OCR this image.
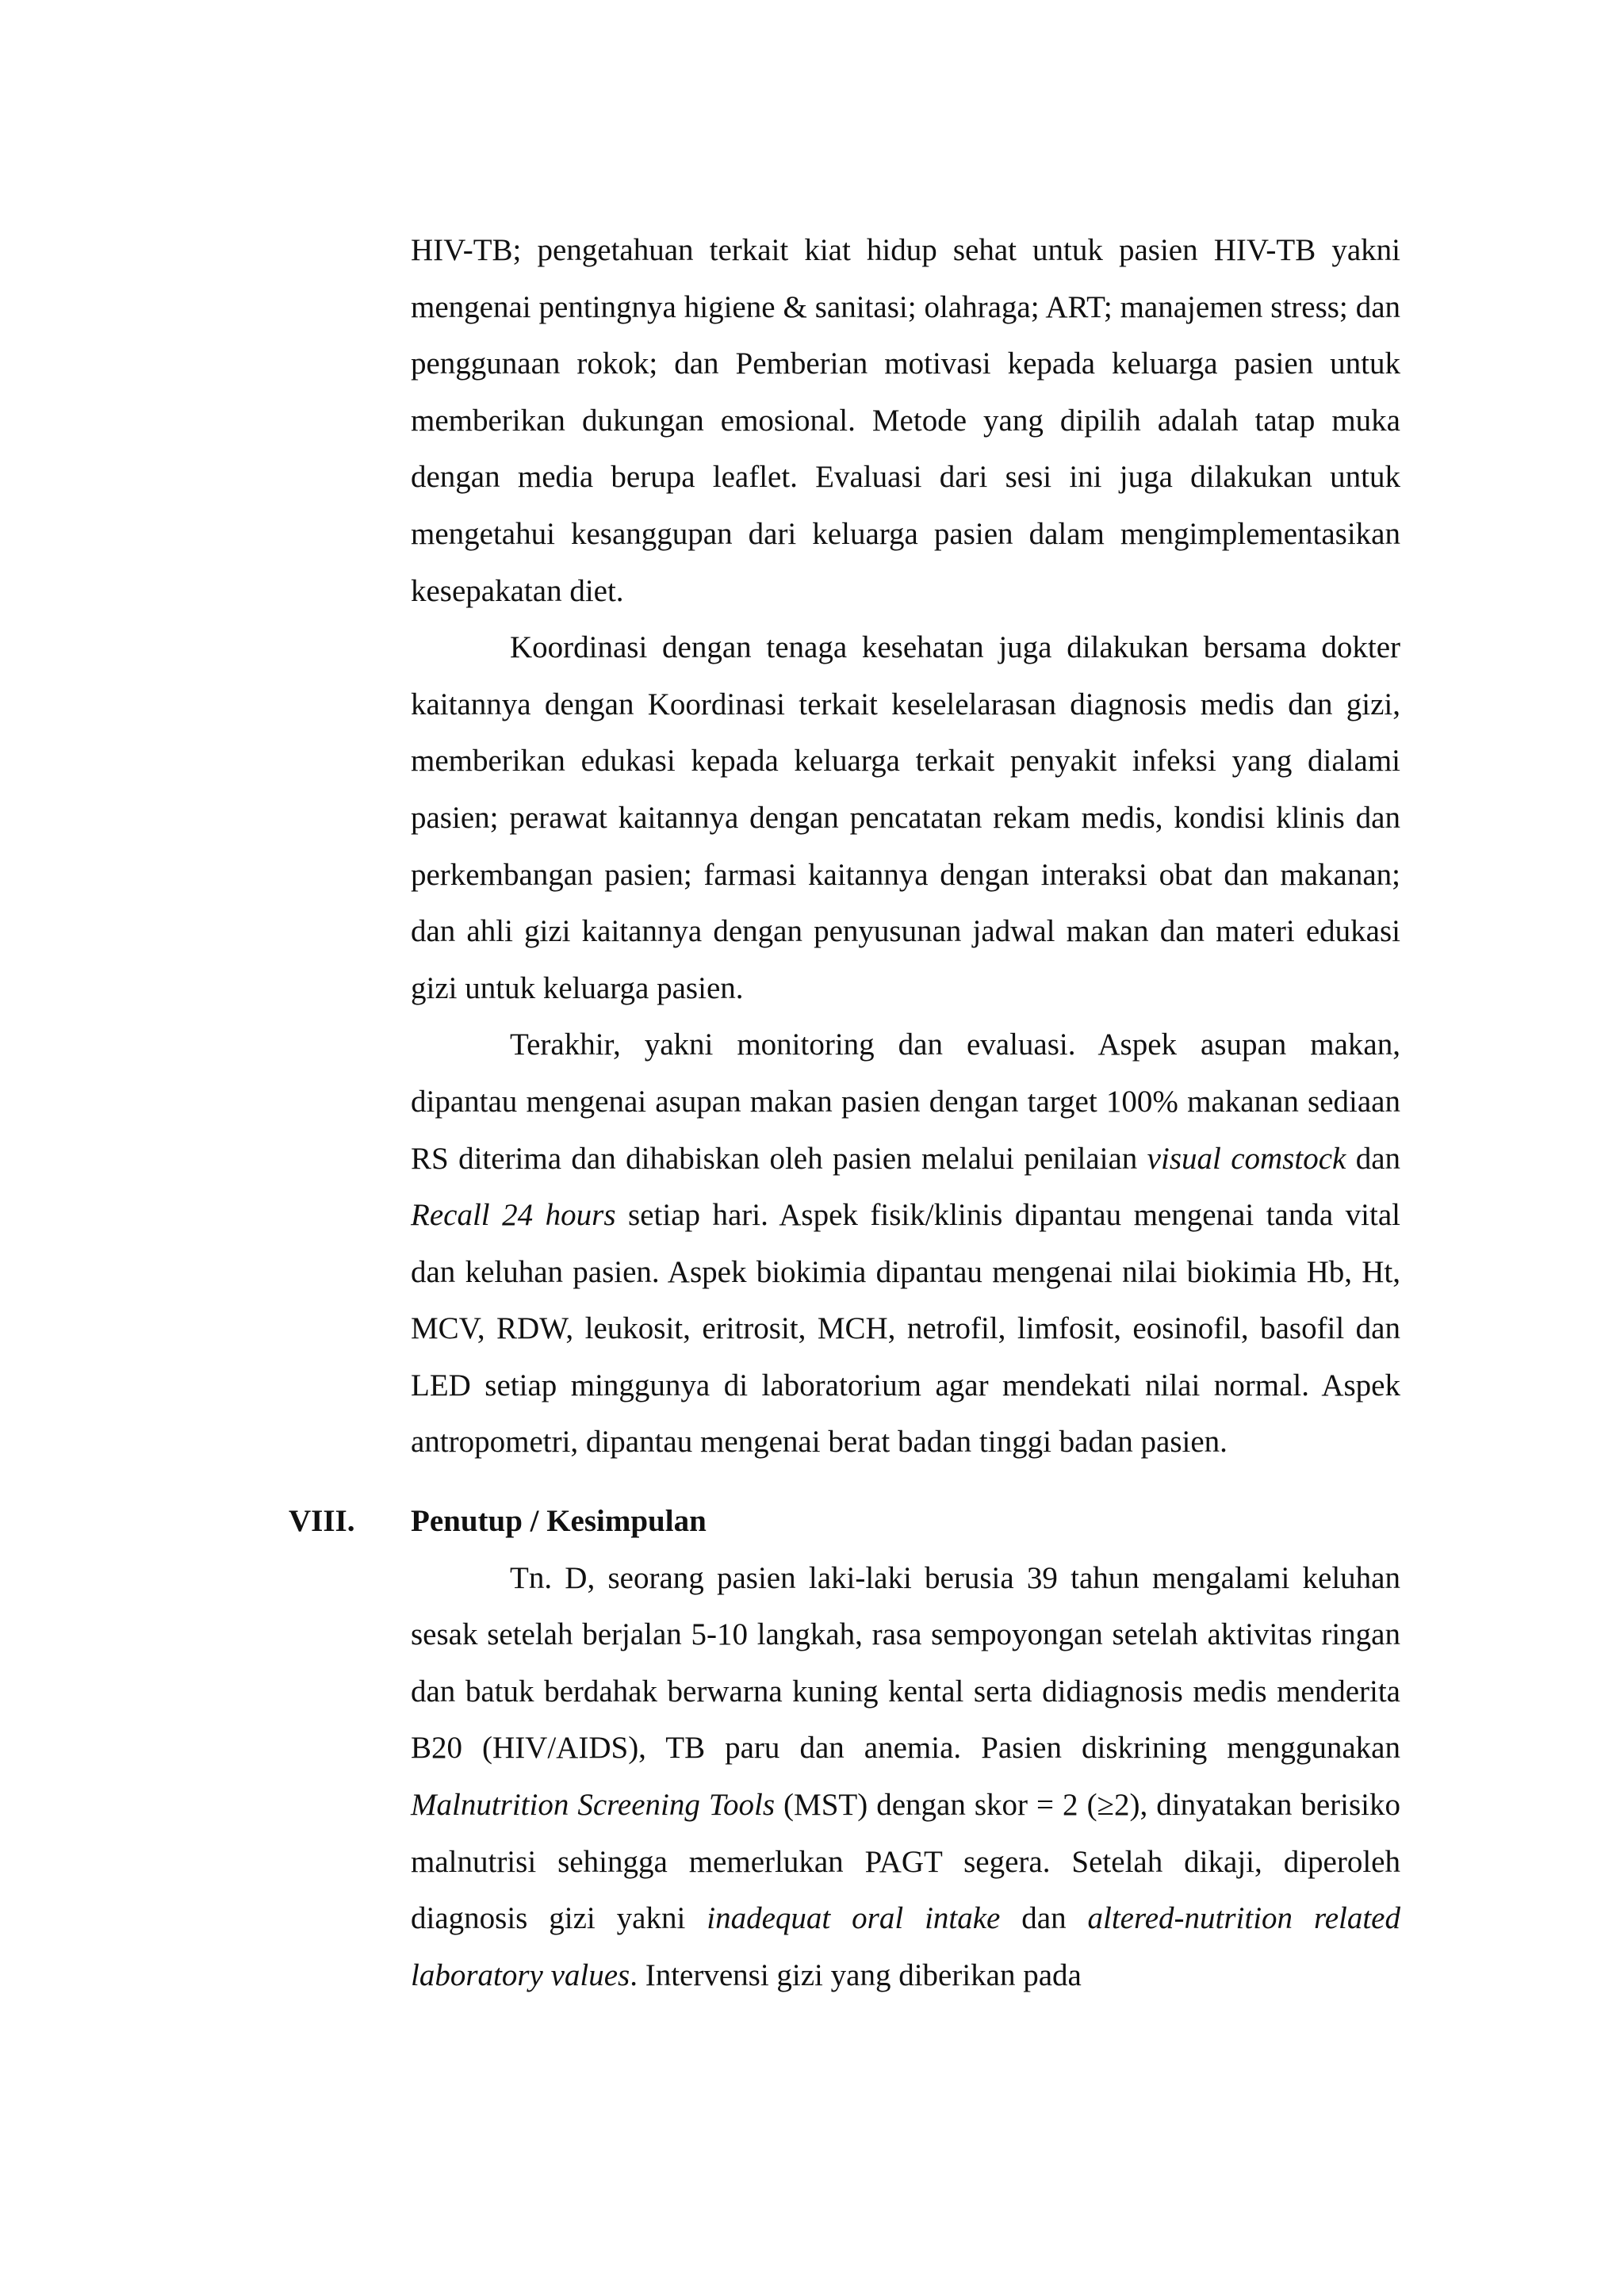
HIV-TB; pengetahuan terkait kiat hidup sehat untuk pasien HIV-TB yakni mengenai pentingnya higiene & sanitasi; olahraga; ART; manajemen stress; dan penggunaan rokok; dan Pemberian motivasi kepada keluarga pasien untuk memberikan dukungan emosional. Metode yang dipilih adalah tatap muka dengan media berupa leaflet. Evaluasi dari sesi ini juga dilakukan untuk mengetahui kesanggupan dari keluarga pasien dalam mengimplementasikan kesepakatan diet.

Koordinasi dengan tenaga kesehatan juga dilakukan bersama dokter kaitannya dengan Koordinasi terkait keselelarasan diagnosis medis dan gizi, memberikan edukasi kepada keluarga terkait penyakit infeksi yang dialami pasien; perawat kaitannya dengan pencatatan rekam medis, kondisi klinis dan perkembangan pasien; farmasi kaitannya dengan interaksi obat dan makanan; dan ahli gizi kaitannya dengan penyusunan jadwal makan dan materi edukasi gizi untuk keluarga pasien.

Terakhir, yakni monitoring dan evaluasi. Aspek asupan makan, dipantau mengenai asupan makan pasien dengan target 100% makanan sediaan RS diterima dan dihabiskan oleh pasien melalui penilaian visual comstock dan Recall 24 hours setiap hari. Aspek fisik/klinis dipantau mengenai tanda vital dan keluhan pasien. Aspek biokimia dipantau mengenai nilai biokimia Hb, Ht, MCV, RDW, leukosit, eritrosit, MCH, netrofil, limfosit, eosinofil, basofil dan LED setiap minggunya di laboratorium agar mendekati nilai normal. Aspek antropometri, dipantau mengenai berat badan tinggi badan pasien.

VIII. Penutup / Kesimpulan

Tn. D, seorang pasien laki-laki berusia 39 tahun mengalami keluhan sesak setelah berjalan 5-10 langkah, rasa sempoyongan setelah aktivitas ringan dan batuk berdahak berwarna kuning kental serta didiagnosis medis menderita B20 (HIV/AIDS), TB paru dan anemia. Pasien diskrining menggunakan Malnutrition Screening Tools (MST) dengan skor = 2 (≥2), dinyatakan berisiko malnutrisi sehingga memerlukan PAGT segera. Setelah dikaji, diperoleh diagnosis gizi yakni inadequat oral intake dan altered-nutrition related laboratory values. Intervensi gizi yang diberikan pada
